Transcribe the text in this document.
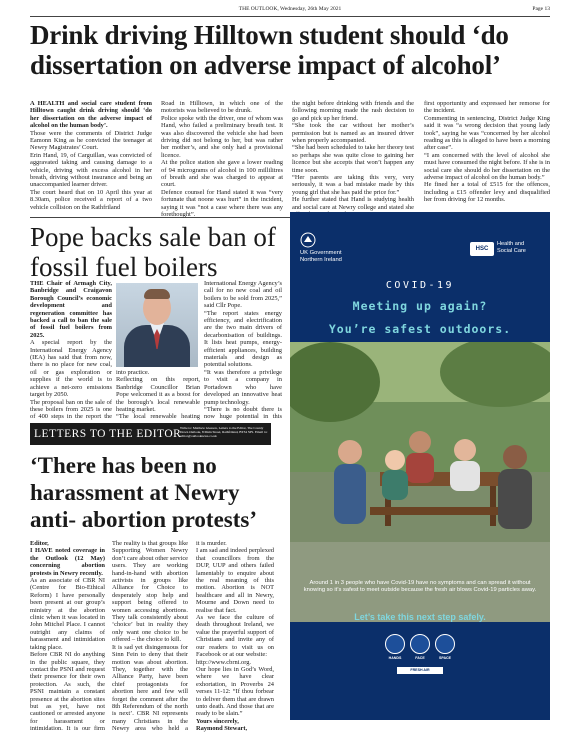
THE OUTLOOK, Wednesday, 26th May 2021	Page 13
Drink driving Hilltown student should ‘do dissertation on adverse impact of alcohol’

A HEALTH and social care student from Hilltown caught drink driving should ‘do her dissertation on the adverse impact of alcohol on the human body’.

Those were the comments of District Judge Eamonn King as he convicted the teenager at Newry Magistrates’ Court.

Erin Hand, 19, of Carguillan, was convicted of aggravated taking and causing damage to a vehicle, driving with excess alcohol in her breath, driving without insurance and being an unaccompanied learner driver.

The court heard that on 10 April this year at 8.30am, police received a report of a two vehicle collision on the Rathfriland

Road in Hilltown, in which one of the motorists was believed to be drunk.

Police spoke with the driver, one of whom was Hand, who failed a preliminary breath test. It was also discovered the vehicle she had been driving did not belong to her, but was rather her mother’s, and she only had a provisional licence.

At the police station she gave a lower reading of 94 micrograms of alcohol in 100 millilitres of breath and she was charged to appear at court.

Defence counsel for Hand stated it was “very fortunate that noone was hurt” in the incident, saying it was “not a case where there was any forethought”.

the night before drinking with friends and the following morning made the rash decision to go and pick up her friend.

“She took the car without her mother’s permission but is named as an insured driver when properly accompanied.

“She had been scheduled to take her theory test so perhaps she was quite close to gaining her licence but she accepts that won’t happen any time soon.

“Her parents are taking this very, very seriously, it was a bad mistake made by this young girl that she has paid the price for.”

He further stated that Hand is studying health and social care at Newry college and stated she

first opportunity and expressed her remorse for the incident.

Commenting in sentencing, District Judge King said it was “a wrong decision that young lady took”, saying he was “concerned by her alcohol reading as this is alleged to have been a morning after case”.

“I am concerned with the level of alcohol she must have consumed the night before. If she is in social care she should do her dissertation on the adverse impact of alcohol on the human body.”

He fined her a total of £515 for the offences, including a £15 offender levy and disqualified her from driving for 12 months.

Pope backs sale ban of fossil fuel boilers

THE Chair of Armagh City, Banbridge and Craigavon Borough Council’s economic development and regeneration committee has backed a call to ban the sale of fossil fuel boilers from 2025.

A special report by the International Energy Agency (IEA) has said that from now, there is no place for new coal, oil or gas exploration or supplies if the world is to achieve a net-zero emissions target by 2050.

The proposal ban on the sale of these boilers from 2025 is one of 400 steps in the report the

into practice.

Reflecting on this report, Banbridge Councillor Brian Pope welcomed it as a boost for the borough’s local renewable heating market.

“The local renewable heating

International Energy Agency’s call for no new coal and oil boilers to be sold from 2025,” said Cllr Pope.

“The report states energy efficiency, and electrification are the two main drivers of decarbonisation of buildings. It lists heat pumps, energy-efficient appliances, building materials and design as potential solutions.

“It was therefore a privilege to visit a company in Portadown who have developed an innovative heat pump technology.

“There is no doubt there is now huge potential in this

LETTERS TO THE EDITOR
Write to: Matthew Gleeson, Letters to the Editor, The County Down Outlook, 8 Main Street, Rathfriland, BT34 5PS. Email to: editor@outlooknews.co.uk
‘There has been no harassment at Newry anti- abortion protests’

Editor,

I HAVE noted coverage in the Outlook (12 May) concerning abortion protests in Newry recently.

As an associate of CBR NI (Centre for Bio-Ethical Reform) I have personally been present at our group’s ministry at the abortion clinic when it was located in John Mitchel Place. I cannot outright any claims of harassment and intimidation taking place.

Before CBR NI do anything in the public square, they contact the PSNI and request their presence for their own protection. As such, the PSNI maintain a constant presence at the abortion sites but as yet, have not cautioned or arrested anyone for harassment or intimidation. It is our firm

The reality is that groups like Supporting Women Newry don’t care about other service users. They are working hand-in-hand with abortion activists in groups like Alliance for Choice to desperately stop help and support being offered to women accessing abortions. They talk consistently about ‘choice’ but in reality they only want one choice to be offered – the choice to kill.

It is sad yet disingenuous for Sinn Fein to deny that their motion was about abortion. They, together with the Alliance Party, have been chief protagonists for abortion here and few will forget the comment after the 8th Referendum of the north is next’. CBR NI represents many Christians in the Newry area who held a

it is murder.

I am sad and indeed perplexed that councillors from the DUP, UUP and others failed lamentably to enquire about the real meaning of this motion. Abortion is NOT healthcare and all in Newry, Mourne and Down need to realise that fact.

As we face the culture of death throughout Ireland, we value the prayerful support of Christians and invite any of our readers to visit us on Facebook or at our website:

http://www.cbrni.org.

Our hope lies in God’s Word, where we have clear exhortation, in Proverbs 24 verses 11-12: “If thou forbear to deliver them that are drawn unto death. And those that are ready to be slain.”

Yours sincerely,

Raymond Stewart,

UK Government
Northern Ireland
HSC
Health and
Social Care
COVID-19
Meeting up again?
You’re safest outdoors.
Around 1 in 3 people who have Covid-19 have no symptoms and can spread it without knowing so it’s safest to meet outside because the fresh air blows Covid-19 particles away.
Let’s take this next step safely.
HANDS	FACE	SPACE
FRESH AIR
